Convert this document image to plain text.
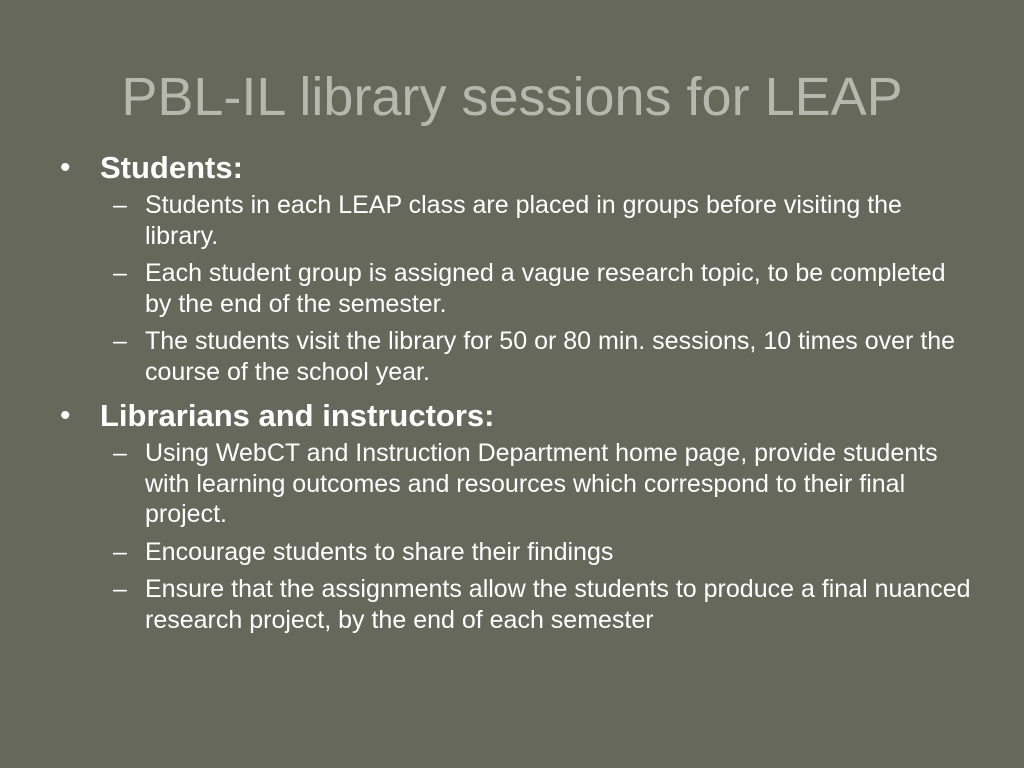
PBL-IL library sessions for LEAP
• Students:
– Students in each LEAP class are placed in groups before visiting the library.
– Each student group is assigned a vague research topic, to be completed by the end of the semester.
– The students visit the library for 50 or 80 min. sessions, 10 times over the course of the school year.
• Librarians and instructors:
– Using WebCT and Instruction Department home page, provide students with learning outcomes and resources which correspond to their final project.
– Encourage students to share their findings
– Ensure that the assignments allow the students to produce a final nuanced research project, by the end of each semester
